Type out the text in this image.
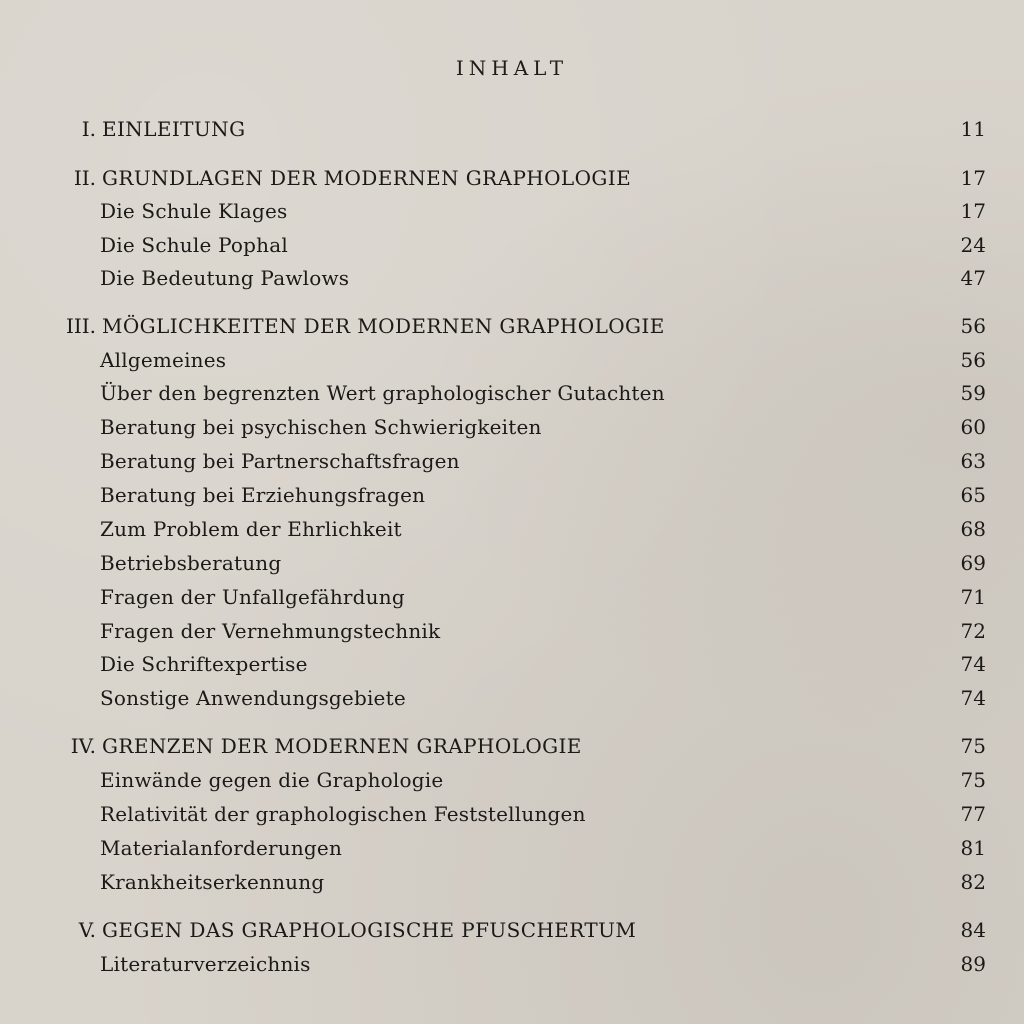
INHALT
I. EINLEITUNG	11
II. GRUNDLAGEN DER MODERNEN GRAPHOLOGIE	17
Die Schule Klages	17
Die Schule Pophal	24
Die Bedeutung Pawlows	47
III. MÖGLICHKEITEN DER MODERNEN GRAPHOLOGIE	56
Allgemeines	56
Über den begrenzten Wert graphologischer Gutachten	59
Beratung bei psychischen Schwierigkeiten	60
Beratung bei Partnerschaftsfragen	63
Beratung bei Erziehungsfragen	65
Zum Problem der Ehrlichkeit	68
Betriebsberatung	69
Fragen der Unfallgefährdung	71
Fragen der Vernehmungstechnik	72
Die Schriftexpertise	74
Sonstige Anwendungsgebiete	74
IV. GRENZEN DER MODERNEN GRAPHOLOGIE	75
Einwände gegen die Graphologie	75
Relativität der graphologischen Feststellungen	77
Materialanforderungen	81
Krankheitserkennung	82
V. GEGEN DAS GRAPHOLOGISCHE PFUSCHERTUM	84
Literaturverzeichnis	89
